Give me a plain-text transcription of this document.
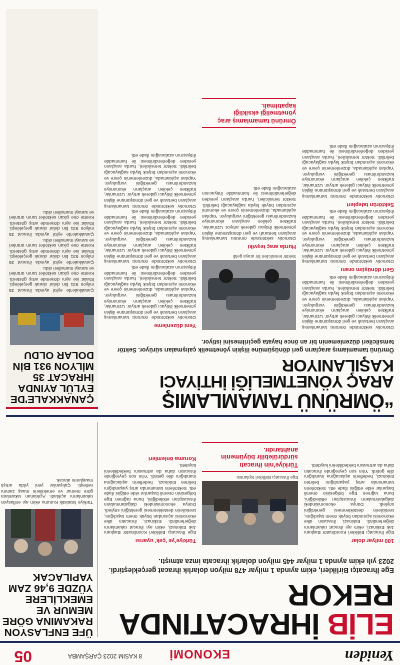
Yeniden
EKONOMİ
8 KASIM 2023 ÇARŞAMBA
05
ELİB İHRACATINDA
REKOR
Ege İhracatçı Birlikleri, ekim ayında 1 milyar 478 milyon dolarlık ihracat gerçekleştirdi. 2023 yılı ekim ayında 1 milyar 445 milyon dolarlık ihracata imza atmıştı.
ÜFE ENFLASYON RAKAMINA GÖRE MEMUR VE EMEKLİLERE YÜZDE 9,46 ZAM YAPILACAK
Türkiye İstatistik Kurumu ekim ayı enflasyon rakamlarını açıkladı. Açıklanan rakamlara göre memur ve emeklilerin maaş zammı netleşti. Çalışanlar yeni yılda artışlı maaşlarını alacak.
100 milyar dolar
Ege İhracatçı Birlikleri Koordinatör Başkanı Jak Eskinazi, ekim ayı ihracat rakamlarını değerlendirdi. Eskinazi, ihracatın ülke ekonomisi açısından büyük önem taşıdığını, üreticilerin desteklenmesi gerektiğini söyledi. Dünya ekonomisindeki dalgalanmaların ihracatçıları etkilediğini, buna rağmen Ege bölgesinin önemli başarılar elde ettiğini ifade etti. Sektörlerin tamamında artış yaşandığını belirten Eskinazi, hedeflerin aşılacağına inandığını dile getirdi. Yılın son çeyreğinde ihracatın daha da artmasını beklediklerini kaydetti.
Ege İhracatçı Birlikleri toplantısı
Türkiye'nin ihracatı sürdürülebilir büyümenin anahtarıdır.
Türkiye'ye 'çek' uyarısı
Ege İhracatçı Birlikleri Koordinatör Başkanı Jak Eskinazi, ekim ayı ihracat rakamlarını değerlendirdi. Eskinazi, ihracatın ülke ekonomisi açısından büyük önem taşıdığını, üreticilerin desteklenmesi gerektiğini söyledi. Dünya ekonomisindeki dalgalanmaların ihracatçıları etkilediğini, buna rağmen Ege bölgesinin önemli başarılar elde ettiğini ifade etti. Sektörlerin tamamında artış yaşandığını belirten Eskinazi, hedeflerin aşılacağına inandığını dile getirdi. Yılın son çeyreğinde ihracatın daha da artmasını beklediklerini kaydetti.
Koruma önlemleri
“ÖMRÜNÜ TAMAMLAMIŞ
ARAÇ YÖNETMELİĞİ İHTİYACI
KAŞILANIYOR
Ömrünü tamamlamış araçların geri dönüşümüne ilişkin yönetmelik çalışmaları sürüyor. Sektör temsilcileri düzenlemenin bir an önce hayata geçirilmesini istiyor.
Otomotiv sektöründe ömrünü tamamlamış araçların bertarafı ve geri dönüşümüne ilişkin yönetmelik ihtiyacı giderek artıyor. Uzmanlar, trafikten çekilen araçların ekonomiye kazandırılması gerektiğini vurguluyor. Yapılan açıklamada, düzenlemenin çevre ve ekonomi açısından büyük fayda sağlayacağı belirtildi. Sektör temsilcileri, hurda araçların yeniden değerlendirilmesi ile hammadde ihtiyacının azalacağını ifade etti.
Geri dönüşüm oranı
Otomotiv sektöründe ömrünü tamamlamış araçların bertarafı ve geri dönüşümüne ilişkin yönetmelik ihtiyacı giderek artıyor. Uzmanlar, trafikten çekilen araçların ekonomiye kazandırılması gerektiğini vurguluyor. Yapılan açıklamada, düzenlemenin çevre ve ekonomi açısından büyük fayda sağlayacağı belirtildi. Sektör temsilcileri, hurda araçların yeniden değerlendirilmesi ile hammadde ihtiyacının azalacağını ifade etti.
Sektörün talepleri
Otomotiv sektöründe ömrünü tamamlamış araçların bertarafı ve geri dönüşümüne ilişkin yönetmelik ihtiyacı giderek artıyor. Uzmanlar, trafikten çekilen araçların ekonomiye kazandırılması gerektiğini vurguluyor. Yapılan açıklamada, düzenlemenin çevre ve ekonomi açısından büyük fayda sağlayacağı belirtildi. Sektör temsilcileri, hurda araçların yeniden değerlendirilmesi ile hammadde ihtiyacının azalacağını ifade etti.
Sektör temsilcileri bir araya geldi
Hurda araç teşviki
Otomotiv sektöründe ömrünü tamamlamış araçların bertarafı ve geri dönüşümüne ilişkin yönetmelik ihtiyacı giderek artıyor. Uzmanlar, trafikten çekilen araçların ekonomiye kazandırılması gerektiğini vurguluyor. Yapılan açıklamada, düzenlemenin çevre ve ekonomi açısından büyük fayda sağlayacağı belirtildi. Sektör temsilcileri, hurda araçların yeniden değerlendirilmesi ile hammadde ihtiyacının azalacağını ifade etti.
Ömrünü tamamlamış araç yönetmeliği eksikliği kapatılmalı.
Yeni düzenleme
Otomotiv sektöründe ömrünü tamamlamış araçların bertarafı ve geri dönüşümüne ilişkin yönetmelik ihtiyacı giderek artıyor. Uzmanlar, trafikten çekilen araçların ekonomiye kazandırılması gerektiğini vurguluyor. Yapılan açıklamada, düzenlemenin çevre ve ekonomi açısından büyük fayda sağlayacağı belirtildi. Sektör temsilcileri, hurda araçların yeniden değerlendirilmesi ile hammadde ihtiyacının azalacağını ifade etti.
Otomotiv sektöründe ömrünü tamamlamış araçların bertarafı ve geri dönüşümüne ilişkin yönetmelik ihtiyacı giderek artıyor. Uzmanlar, trafikten çekilen araçların ekonomiye kazandırılması gerektiğini vurguluyor. Yapılan açıklamada, düzenlemenin çevre ve ekonomi açısından büyük fayda sağlayacağı belirtildi. Sektör temsilcileri, hurda araçların yeniden değerlendirilmesi ile hammadde ihtiyacının azalacağını ifade etti.
Otomotiv sektöründe ömrünü tamamlamış araçların bertarafı ve geri dönüşümüne ilişkin yönetmelik ihtiyacı giderek artıyor. Uzmanlar, trafikten çekilen araçların ekonomiye kazandırılması gerektiğini vurguluyor. Yapılan açıklamada, düzenlemenin çevre ve ekonomi açısından büyük fayda sağlayacağı belirtildi. Sektör temsilcileri, hurda araçların yeniden değerlendirilmesi ile hammadde ihtiyacının azalacağını ifade etti.
ÇANAKKALE'DE EYLÜL AYINDA İHRACAT 35 MİLYON 931 BİN DOLAR OLDU
Çanakkale'de eylül ayında ihracat 35 milyon 931 bin dolar olarak gerçekleşti. İthalat ise aynı dönemde artış gösterdi. Kentte öne çıkan sektörler tarım ürünleri ve sanayi mamulleri oldu.
Çanakkale'de eylül ayında ihracat 35 milyon 931 bin dolar olarak gerçekleşti. İthalat ise aynı dönemde artış gösterdi. Kentte öne çıkan sektörler tarım ürünleri ve sanayi mamulleri oldu.
Çanakkale'de eylül ayında ihracat 35 milyon 931 bin dolar olarak gerçekleşti. İthalat ise aynı dönemde artış gösterdi. Kentte öne çıkan sektörler tarım ürünleri ve sanayi mamulleri oldu.
